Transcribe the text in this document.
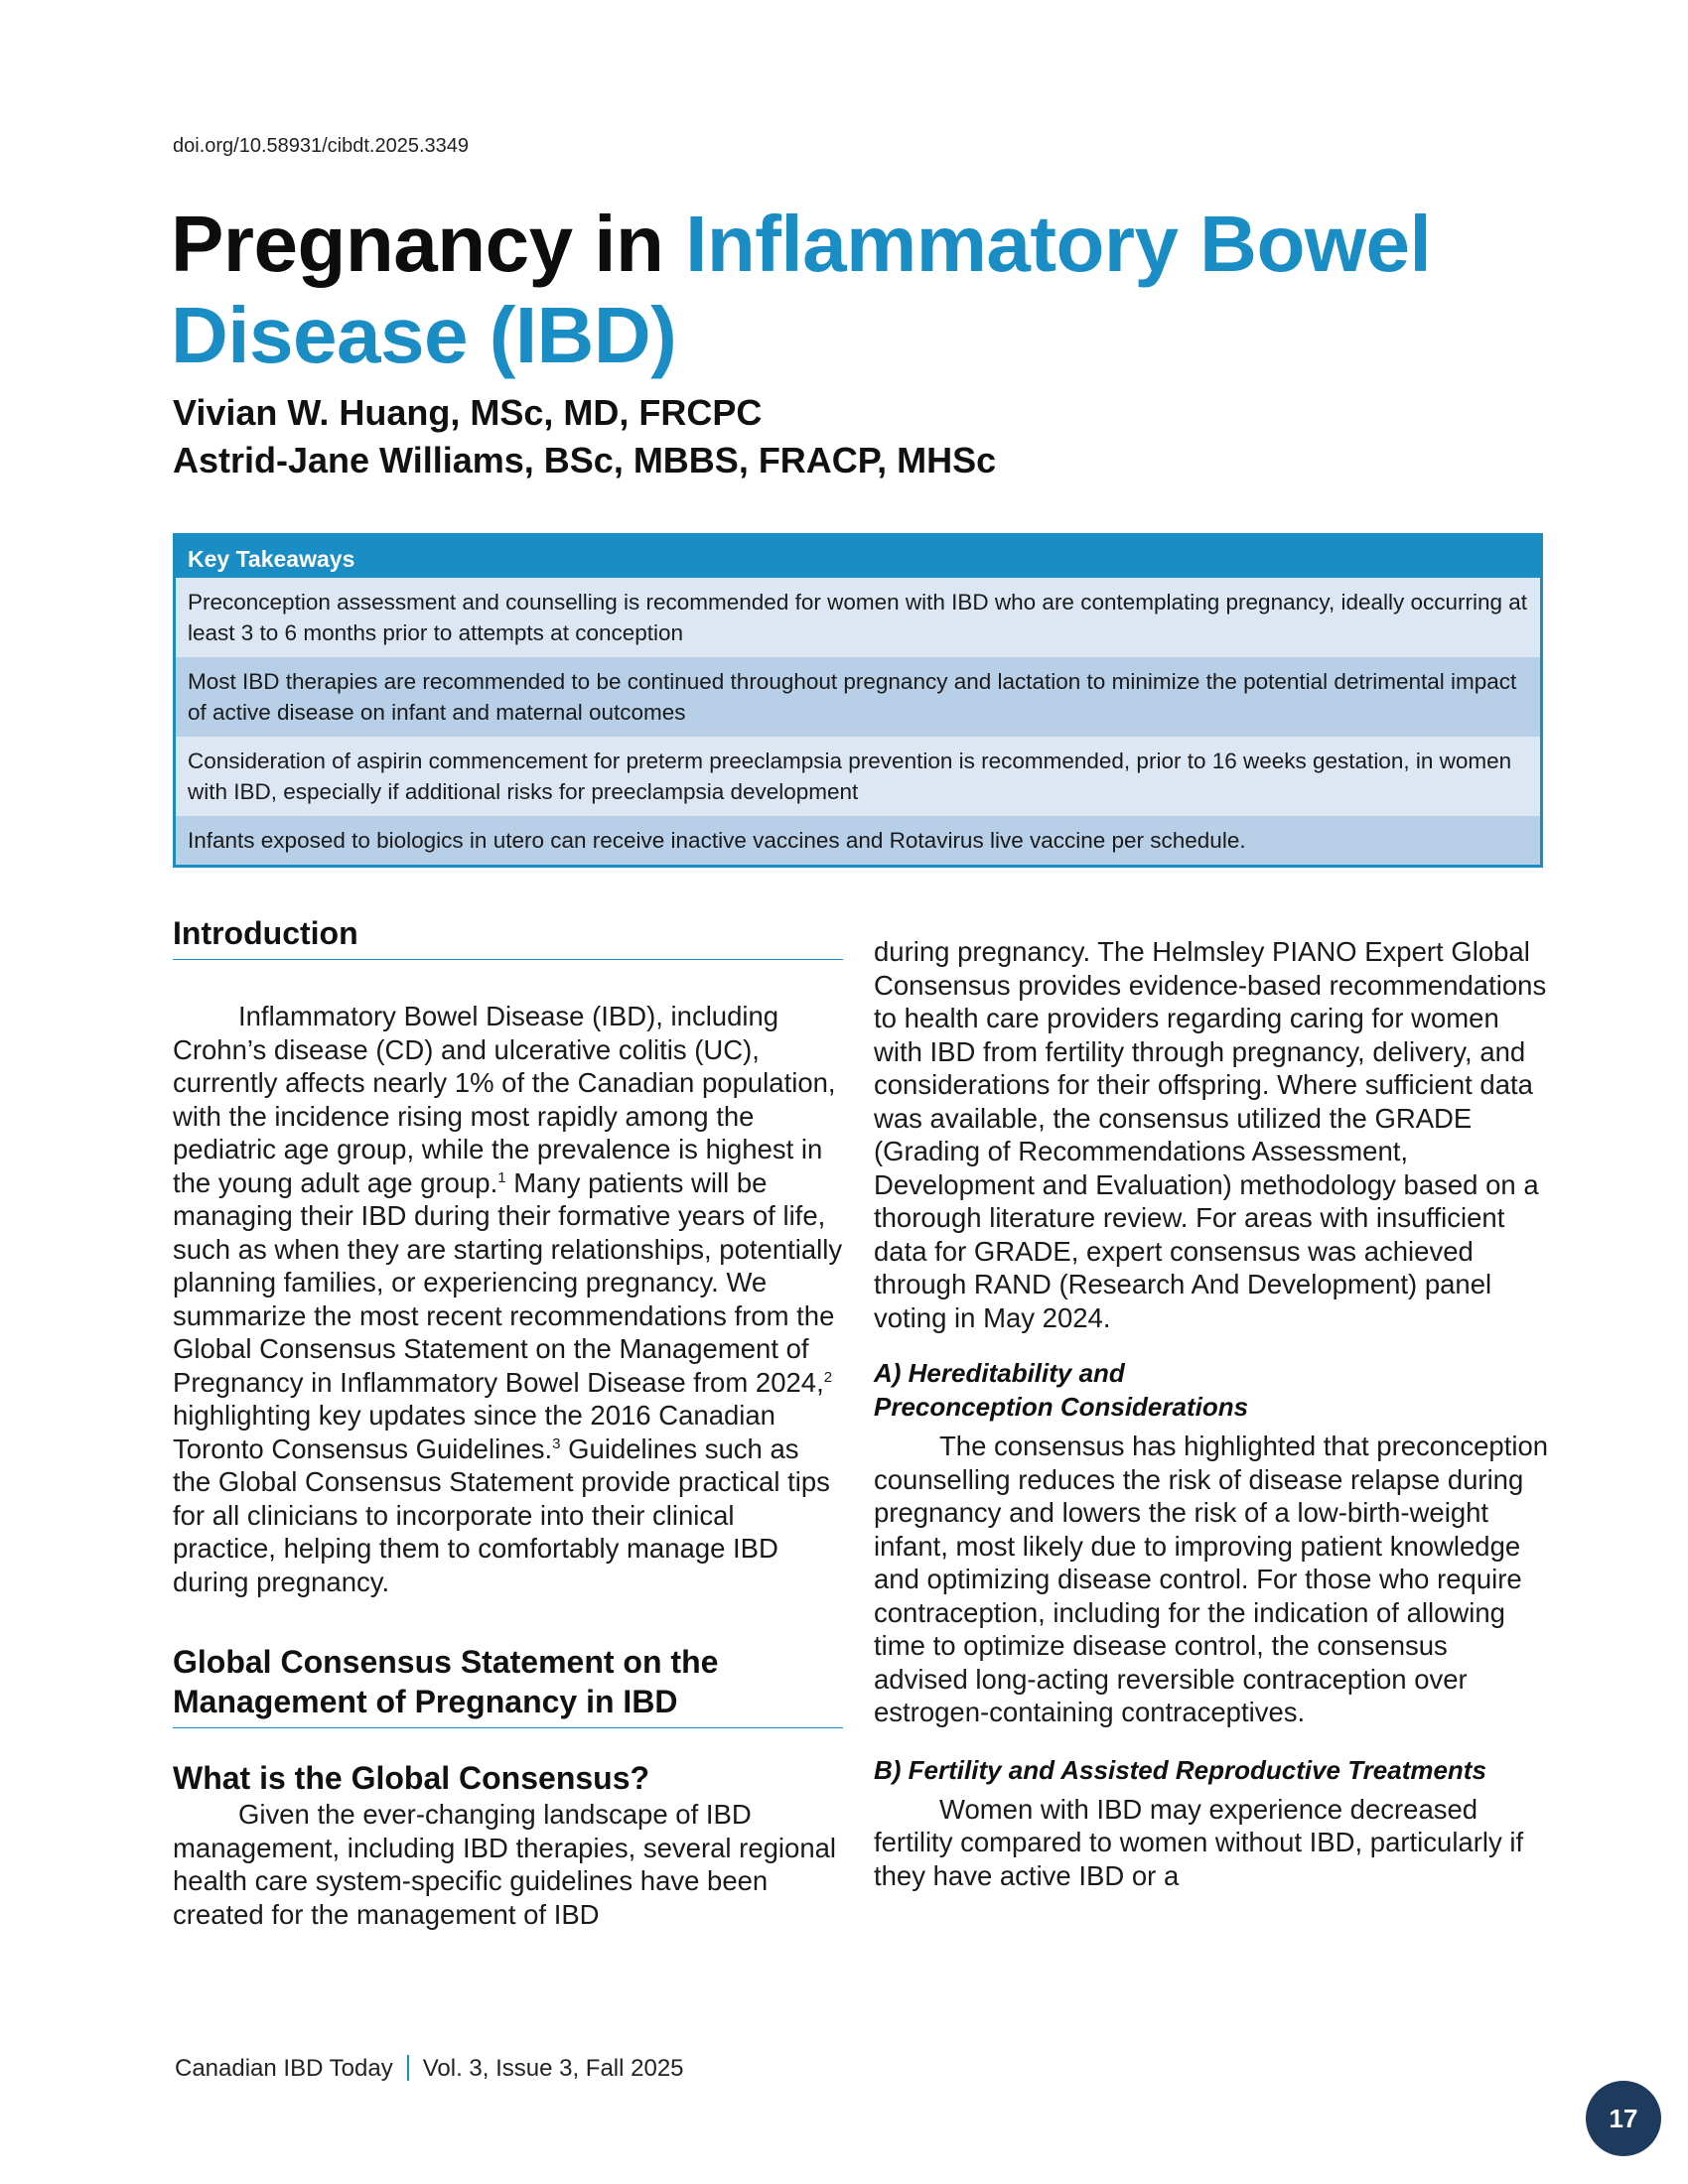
doi.org/10.58931/cibdt.2025.3349
Pregnancy in Inflammatory Bowel Disease (IBD)
Vivian W. Huang, MSc, MD, FRCPC
Astrid-Jane Williams, BSc, MBBS, FRACP, MHSc
Key Takeaways
Preconception assessment and counselling is recommended for women with IBD who are contemplating pregnancy, ideally occurring at least 3 to 6 months prior to attempts at conception
Most IBD therapies are recommended to be continued throughout pregnancy and lactation to minimize the potential detrimental impact of active disease on infant and maternal outcomes
Consideration of aspirin commencement for preterm preeclampsia prevention is recommended, prior to 16 weeks gestation, in women with IBD, especially if additional risks for preeclampsia development
Infants exposed to biologics in utero can receive inactive vaccines and Rotavirus live vaccine per schedule.
Introduction

Inflammatory Bowel Disease (IBD), including Crohn’s disease (CD) and ulcerative colitis (UC), currently affects nearly 1% of the Canadian population, with the incidence rising most rapidly among the pediatric age group, while the prevalence is highest in the young adult age group.$^1$ Many patients will be managing their IBD during their formative years of life, such as when they are starting relationships, potentially planning families, or experiencing pregnancy. We summarize the most recent recommendations from the Global Consensus Statement on the Management of Pregnancy in Inflammatory Bowel Disease from 2024,$^2$ highlighting key updates since the 2016 Canadian Toronto Consensus Guidelines.$^3$ Guidelines such as the Global Consensus Statement provide practical tips for all clinicians to incorporate into their clinical practice, helping them to comfortably manage IBD during pregnancy.

Global Consensus Statement on the Management of Pregnancy in IBD
What is the Global Consensus?

Given the ever-changing landscape of IBD management, including IBD therapies, several regional health care system-specific guidelines have been created for the management of IBD

during pregnancy. The Helmsley PIANO Expert Global Consensus provides evidence-based recommendations to health care providers regarding caring for women with IBD from fertility through pregnancy, delivery, and considerations for their offspring. Where sufficient data was available, the consensus utilized the GRADE (Grading of Recommendations Assessment, Development and Evaluation) methodology based on a thorough literature review. For areas with insufficient data for GRADE, expert consensus was achieved through RAND (Research And Development) panel voting in May 2024.

A) Hereditability and
Preconception Considerations

The consensus has highlighted that preconception counselling reduces the risk of disease relapse during pregnancy and lowers the risk of a low-birth-weight infant, most likely due to improving patient knowledge and optimizing disease control. For those who require contraception, including for the indication of allowing time to optimize disease control, the consensus advised long-acting reversible contraception over estrogen-containing contraceptives.

B) Fertility and Assisted Reproductive Treatments

Women with IBD may experience decreased fertility compared to women without IBD, particularly if they have active IBD or a

Canadian IBD Today Vol. 3, Issue 3, Fall 2025
17
